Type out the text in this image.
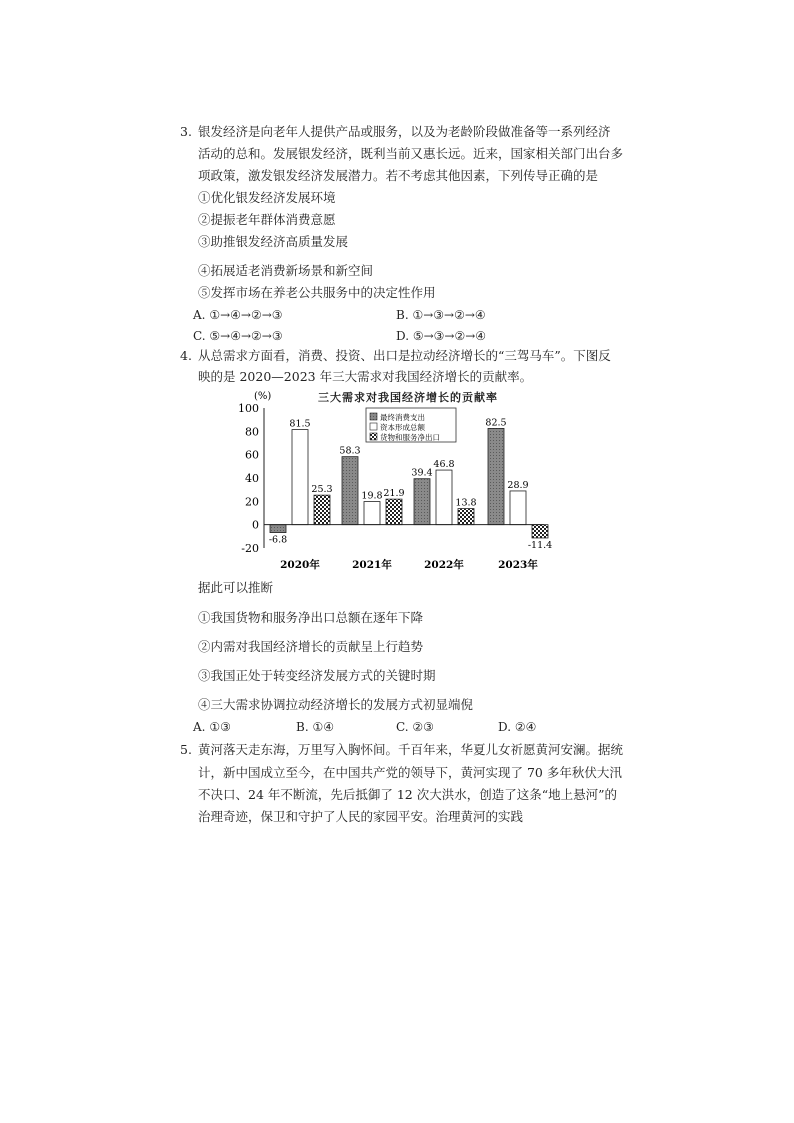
3. 银发经济是向老年人提供产品或服务，以及为老龄阶段做准备等一系列经济
活动的总和。发展银发经济，既利当前又惠长远。近来，国家相关部门出台多
项政策，激发银发经济发展潜力。若不考虑其他因素，下列传导正确的是
①优化银发经济发展环境
②提振老年群体消费意愿
③助推银发经济高质量发展
④拓展适老消费新场景和新空间
⑤发挥市场在养老公共服务中的决定性作用
A. ①→④→②→③	B. ①→③→②→④
C. ⑤→④→②→③	D. ⑤→③→②→④
4. 从总需求方面看，消费、投资、出口是拉动经济增长的“三驾马车”。下图反
映的是 2020—2023 年三大需求对我国经济增长的贡献率。
三大需求对我国经济增长的贡献率
(%)
100
80
60
40
20
0
-20
-6.8
81.5
25.3
58.3
19.8 21.9
39.4
46.8
13.8
82.5
28.9
-11.4
2020年	2021年	2022年	2023年
最终消费支出
资本形成总额
货物和服务净出口
据此可以推断
①我国货物和服务净出口总额在逐年下降
②内需对我国经济增长的贡献呈上行趋势
③我国正处于转变经济发展方式的关键时期
④三大需求协调拉动经济增长的发展方式初显端倪
A. ①③	B. ①④	C. ②③	D. ②④
5. 黄河落天走东海，万里写入胸怀间。千百年来，华夏儿女祈愿黄河安澜。据统
计，新中国成立至今，在中国共产党的领导下，黄河实现了 70 多年秋伏大汛
不决口、24 年不断流，先后抵御了 12 次大洪水，创造了这条“地上悬河”的
治理奇迹，保卫和守护了人民的家园平安。治理黄河的实践
